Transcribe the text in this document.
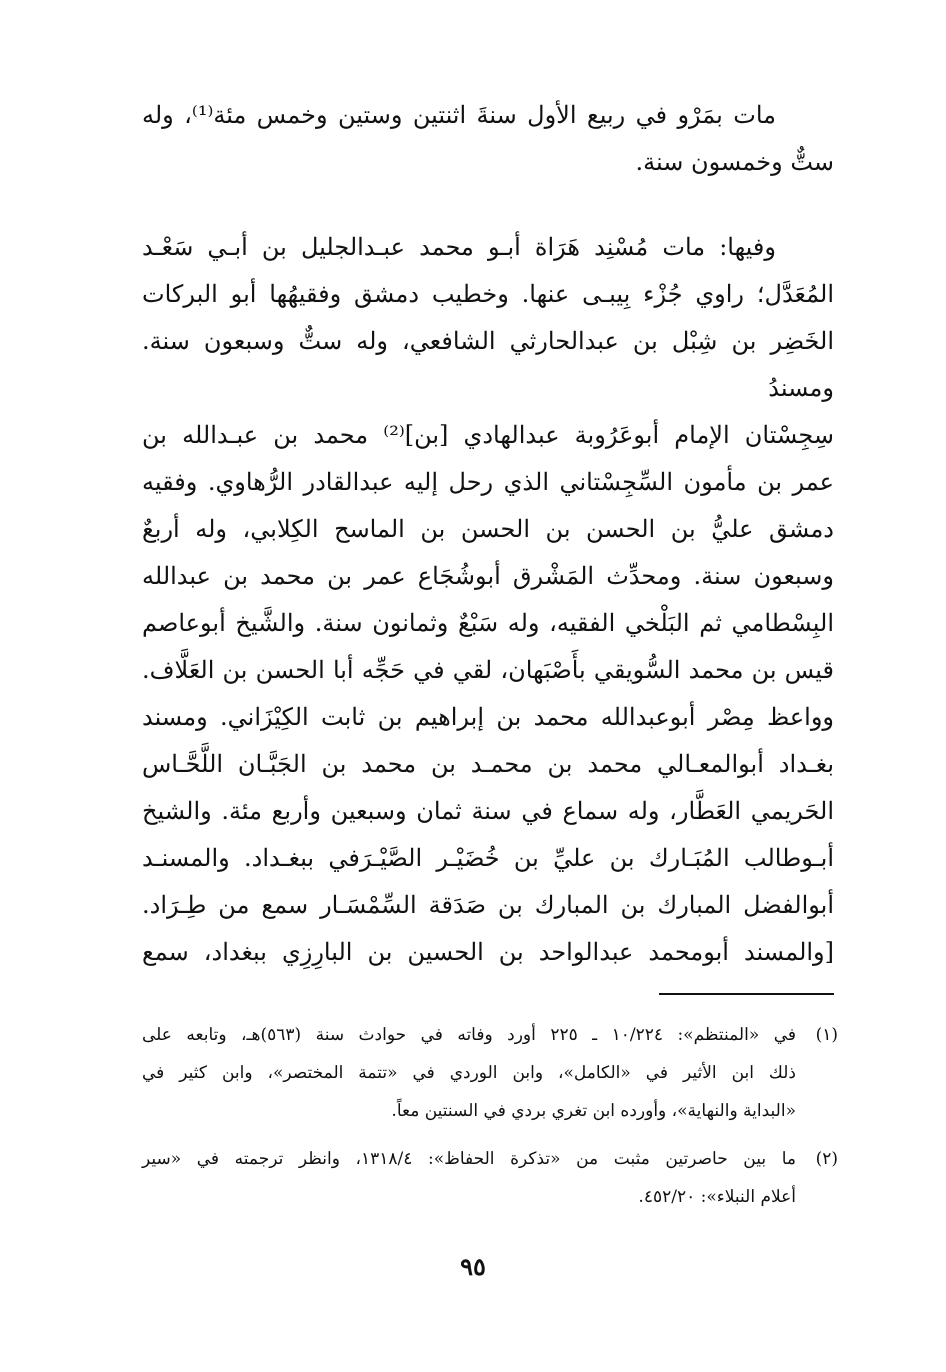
مات بمَرْو في ربيع الأول سنةَ اثنتين وستين وخمس مئة⁽¹⁾، وله
ستٌّ وخمسون سنة.

وفيها: مات مُسْنِد هَرَاة أبـو محمد عبـدالجليل بن أبـي سَعْـد
المُعَدَّل؛ راوي جُزْء بِيبـى عنها. وخطيب دمشق وفقيهُها أبو البركات
الخَضِر بن شِبْل بن عبدالحارثي الشافعي، وله ستٌّ وسبعون سنة. ومسندُ
سِجِسْتان الإمام أبوعَرُوبة عبدالهادي [بن]⁽²⁾ محمد بن عبـدالله بن
عمر بن مأمون السِّجِسْتاني الذي رحل إليه عبدالقادر الرُّهاوي. وفقيه
دمشق عليُّ بن الحسن بن الحسن بن الماسح الكِلابي، وله أربعٌ
وسبعون سنة. ومحدِّث المَشْرق أبوشُجَاع عمر بن محمد بن عبدالله
البِسْطامي ثم البَلْخي الفقيه، وله سَبْعٌ وثمانون سنة. والشَّيخ أبوعاصم
قيس بن محمد السُّويقي بأَصْبَهان، لقي في حَجِّه أبا الحسن بن العَلَّاف.
وواعظ مِصْر أبوعبدالله محمد بن إبراهيم بن ثابت الكِيْزَاني. ومسند
بغـداد أبوالمعـالي محمد بن محمـد بن محمد بن الجَبَّـان اللَّحَّـاس
الحَريمي العَطَّار، وله سماع في سنة ثمان وسبعين وأربع مئة. والشيخ
أبـوطالب المُبَـارك بن عليِّ بن خُضَيْـر الصَّيْـرَفي ببغـداد. والمسنـد
أبوالفضل المبارك بن المبارك بن صَدَقة السِّمْسَـار سمع من طِـرَاد.
[والمسند أبومحمد عبدالواحد بن الحسين بن البارِزِي ببغداد، سمع

(١)
في «المنتظم»: ١٠/٢٢٤ ـ ٢٢٥ أورد وفاته في حوادث سنة (٥٦٣)هـ، وتابعه على
ذلك ابن الأثير في «الكامل»، وابن الوردي في «تتمة المختصر»، وابن كثير في
«البداية والنهاية»، وأورده ابن تغري بردي في السنتين معاً.
(٢)
ما بين حاصرتين مثبت من «تذكرة الحفاظ»: ١٣١٨/٤، وانظر ترجمته في «سير
أعلام النبلاء»: ٤٥٢/٢٠.
٩٥
